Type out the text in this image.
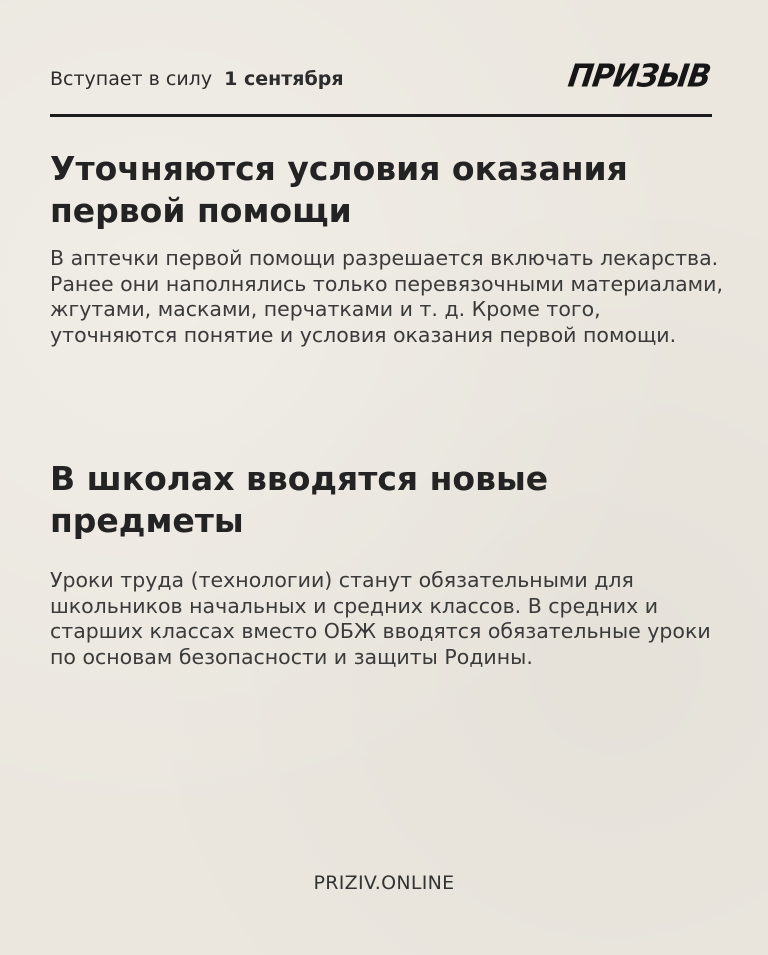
Вступает в силу 1 сентября	ПРИЗЫВ
Уточняются условия оказания первой помощи

В аптечки первой помощи разрешается включать лекарства. Ранее они наполнялись только перевязочными материалами, жгутами, масками, перчатками и т. д. Кроме того, уточняются понятие и условия оказания первой помощи.

В школах вводятся новые предметы

Уроки труда (технологии) станут обязательными для школьников начальных и средних классов. В средних и старших классах вместо ОБЖ вводятся обязательные уроки по основам безопасности и защиты Родины.

PRIZIV.ONLINE
